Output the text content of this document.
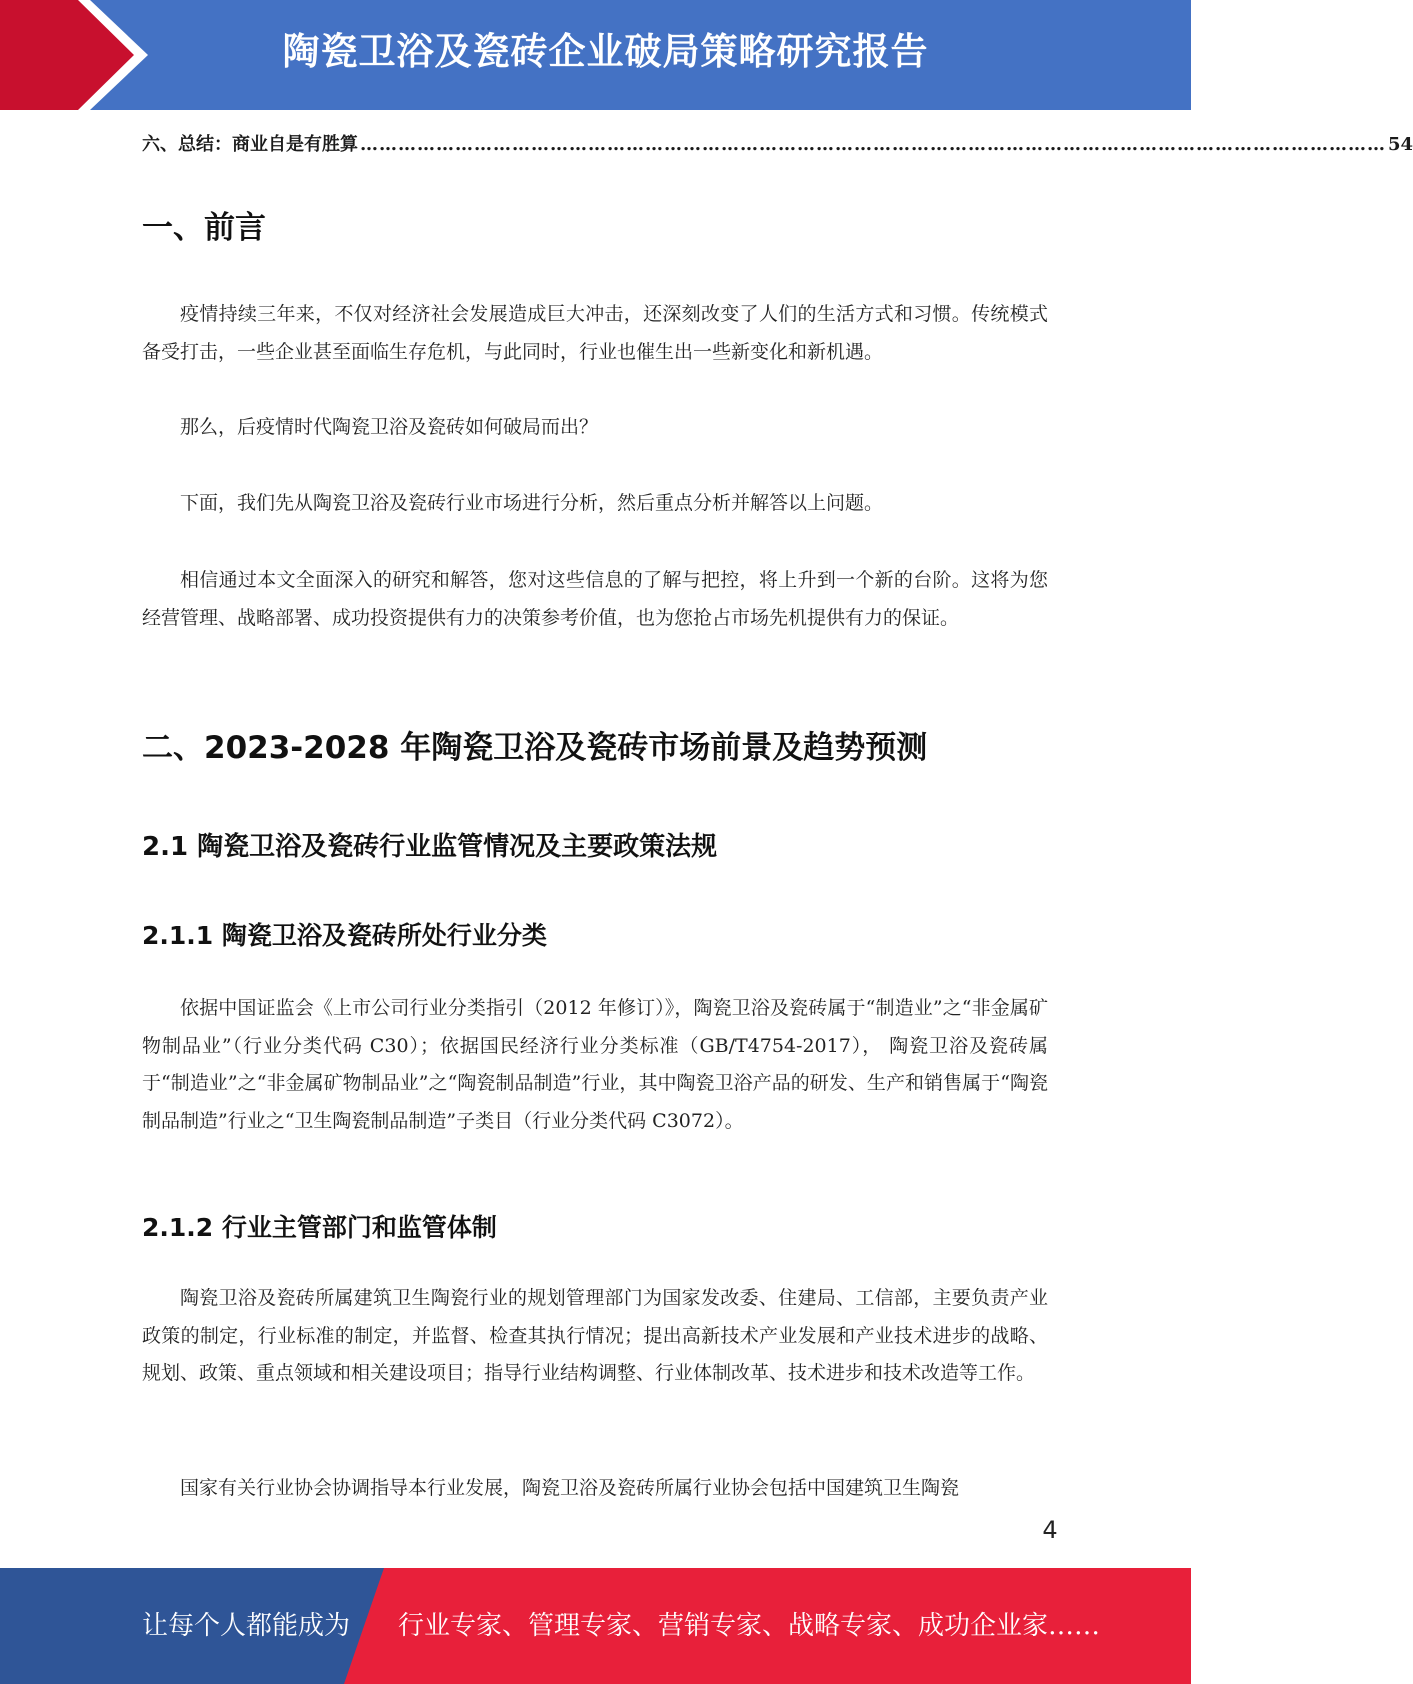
陶瓷卫浴及瓷砖企业破局策略研究报告
六、总结：商业自是有胜算 ……………………………………………………………………………………………………………………………………………… 54
一、前言

疫情持续三年来，不仅对经济社会发展造成巨大冲击，还深刻改变了人们的生活方式和习惯。传统模式备受打击，一些企业甚至面临生存危机，与此同时，行业也催生出一些新变化和新机遇。

那么，后疫情时代陶瓷卫浴及瓷砖如何破局而出？

下面，我们先从陶瓷卫浴及瓷砖行业市场进行分析，然后重点分析并解答以上问题。

相信通过本文全面深入的研究和解答，您对这些信息的了解与把控，将上升到一个新的台阶。这将为您经营管理、战略部署、成功投资提供有力的决策参考价值，也为您抢占市场先机提供有力的保证。

二、2023-2028 年陶瓷卫浴及瓷砖市场前景及趋势预测
2.1 陶瓷卫浴及瓷砖行业监管情况及主要政策法规
2.1.1 陶瓷卫浴及瓷砖所处行业分类

依据中国证监会《上市公司行业分类指引（2012 年修订）》，陶瓷卫浴及瓷砖属于“制造业”之“非金属矿物制品业”（行业分类代码 C30）；依据国民经济行业分类标准（GB/T4754-2017）， 陶瓷卫浴及瓷砖属于“制造业”之“非金属矿物制品业”之“陶瓷制品制造”行业，其中陶瓷卫浴产品的研发、生产和销售属于“陶瓷制品制造”行业之“卫生陶瓷制品制造”子类目（行业分类代码 C3072）。

2.1.2 行业主管部门和监管体制

陶瓷卫浴及瓷砖所属建筑卫生陶瓷行业的规划管理部门为国家发改委、住建局、工信部，主要负责产业政策的制定，行业标准的制定，并监督、检查其执行情况；提出高新技术产业发展和产业技术进步的战略、规划、政策、重点领域和相关建设项目；指导行业结构调整、行业体制改革、技术进步和技术改造等工作。

国家有关行业协会协调指导本行业发展，陶瓷卫浴及瓷砖所属行业协会包括中国建筑卫生陶瓷

4
让每个人都能成为 行业专家、管理专家、营销专家、战略专家、成功企业家……
